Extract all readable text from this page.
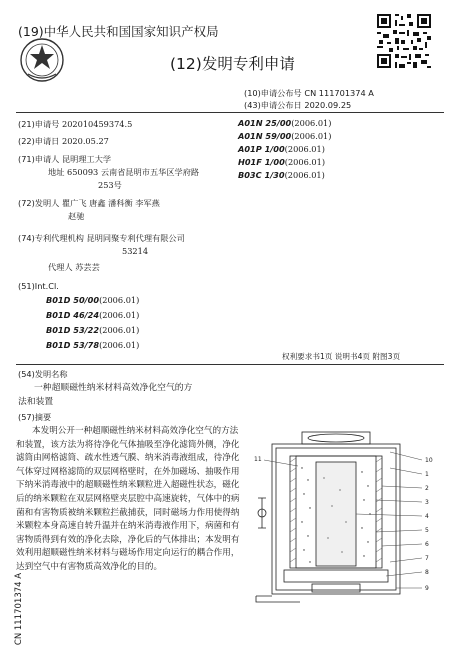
(19)中华人民共和国国家知识产权局
(12)发明专利申请
(10)申请公布号 CN 111701374 A
(43)申请公布日 2020.09.25
(21)申请号 202010459374.5
(22)申请日 2020.05.27
(71)申请人 昆明理工大学
地址 650093 云南省昆明市五华区学府路
253号
(72)发明人 瞿广飞 唐鑫 潘科衡 李军燕
赵驰
(74)专利代理机构 昆明同聚专利代理有限公司
53214
代理人 苏芸芸
(51)Int.Cl.
B01D 50/00(2006.01)
B01D 46/24(2006.01)
B01D 53/22(2006.01)
B01D 53/78(2006.01)
A01N 25/00(2006.01)
A01N 59/00(2006.01)
A01P 1/00(2006.01)
H01F 1/00(2006.01)
B03C 1/30(2006.01)
权利要求书1页 说明书4页 附图3页
(54)发明名称
一种超顺磁性纳米材料高效净化空气的方
法和装置
(57)摘要
本发明公开一种超顺磁性纳米材料高效净化空气的方法和装置，该方法为将待净化气体抽吸至净化滤筒外侧，净化滤筒由网格滤筒、疏水性透气膜、纳米消毒液组成，待净化气体穿过网格滤筒的双层网格壁时，在外加磁场、抽吸作用下纳米消毒液中的超顺磁性纳米颗粒进入超磁性状态，磁化后的纳米颗粒在双层网格壁夹层腔中高速旋转，气体中的病菌和有害物质被纳米颗粒拦截捕获，同时磁场力作用使得纳米颗粒本身高速自转升温并在纳米消毒液作用下，病菌和有害物质得到有效的净化去除，净化后的气体排出；本发明有效利用超顺磁性纳米材料与磁场作用定向运行的耦合作用，达到空气中有害物质高效净化的目的。
CN 111701374 A
11	10
1
2
3
4
5
6
7
8
9
